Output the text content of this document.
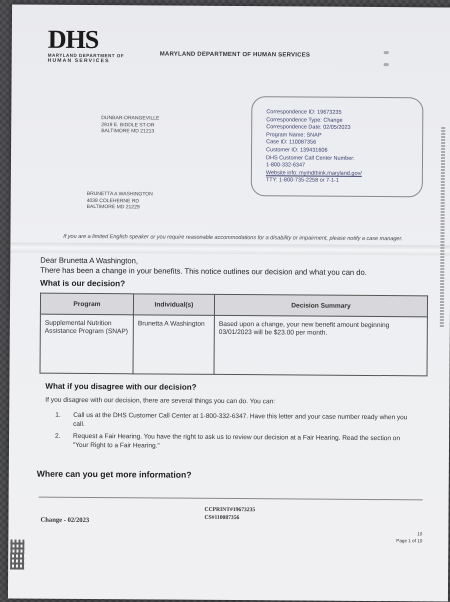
DHS
MARYLAND DEPARTMENT OF
HUMAN SERVICES
MARYLAND DEPARTMENT OF HUMAN SERVICES
DUNBAR-ORANGEVILLE
2919 E. BIDDLE ST-DR
BALTIMORE MD 21213
Correspondence ID: 19673235
Correspondence Type: Change
Correspondence Date: 02/05/2023
Program Name: SNAP
Case ID: 110087356
Customer ID: 139431606
DHS Customer Call Center Number:
1-800-332-6347
Website info: mymdthink.maryland.gov/
TTY: 1-800-735-2258 or 7-1-1
BRUNETTA A WASHINGTON
4038 COLEHERNE RD
BALTIMORE MD 21229
If you are a limited English speaker or you require reasonable accommodations for a disability or impairment, please notify a case manager.
Dear Brunetta A Washington,
There has been a change in your benefits. This notice outlines our decision and what you can do.
What is our decision?
Program	Individual(s)	Decision Summary
Supplemental Nutrition Assistance Program (SNAP)	Brunetta A Washington	Based upon a change, your new benefit amount beginning 03/01/2023 will be $23.00 per month.
What if you disagree with our decision?
If you disagree with our decision, there are several things you can do. You can:
1.	Call us at the DHS Customer Call Center at 1-800-332-6347. Have this letter and your case number ready when you call.
2.	Request a Fair Hearing. You have the right to ask us to review our decision at a Fair Hearing. Read the section on "Your Right to a Fair Hearing."
Where can you get more information?
CCPRINT#19673235
CS#110087356
Change - 02/2023
10
Page 1 of 10
